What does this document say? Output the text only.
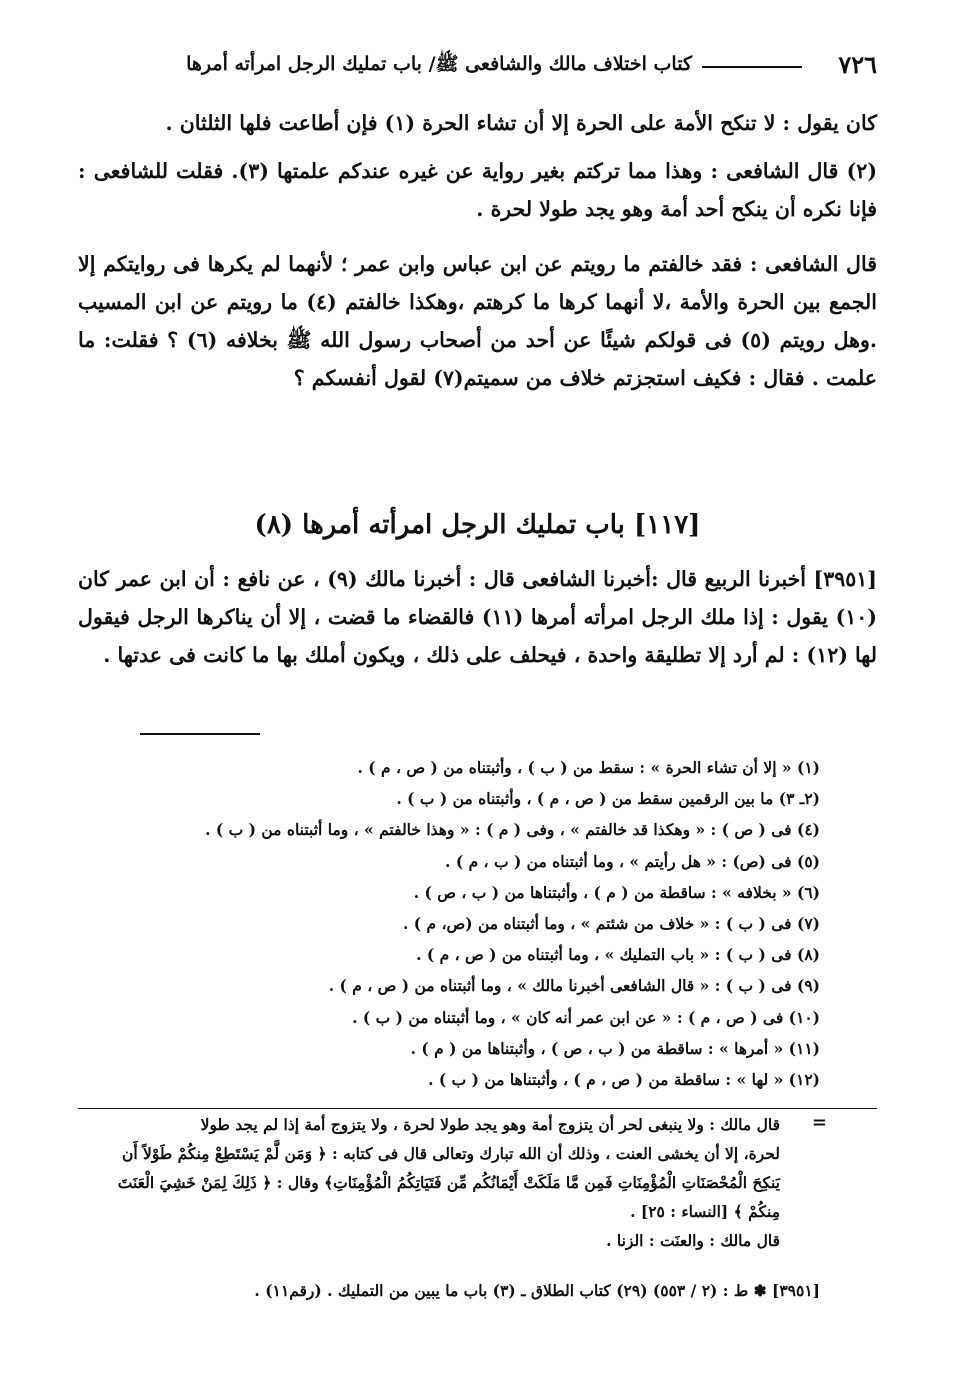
٧٢٦
كتاب اختلاف مالك والشافعى ﷺ/ باب تمليك الرجل امرأته أمرها
كان يقول : لا تنكح الأمة على الحرة إلا أن تشاء الحرة (١) فإن أطاعت فلها الثلثان .
(٢) قال الشافعى : وهذا مما تركتم بغير رواية عن غيره عندكم علمتها (٣). فقلت للشافعى : فإنا نكره أن ينكح أحد أمة وهو يجد طولا لحرة .
قال الشافعى : فقد خالفتم ما رويتم عن ابن عباس وابن عمر ؛ لأنهما لم يكرها فى روايتكم إلا الجمع بين الحرة والأمة ،لا أنهما كرها ما كرهتم ،وهكذا خالفتم (٤) ما رويتم عن ابن المسيب .وهل رويتم (٥) فى قولكم شيئًا عن أحد من أصحاب رسول الله ﷺ بخلافه (٦) ؟ فقلت: ما علمت . فقال : فكيف استجزتم خلاف من سميتم(٧) لقول أنفسكم ؟
[١١٧] باب تمليك الرجل امرأته أمرها (٨)
[٣٩٥١] أخبرنا الربيع قال :أخبرنا الشافعى قال : أخبرنا مالك (٩) ، عن نافع : أن ابن عمر كان (١٠) يقول : إذا ملك الرجل امرأته أمرها (١١) فالقضاء ما قضت ، إلا أن يناكرها الرجل فيقول لها (١٢) : لم أرد إلا تطليقة واحدة ، فيحلف على ذلك ، ويكون أملك بها ما كانت فى عدتها .
(١) « إلا أن تشاء الحرة » : سقط من ( ب ) ، وأثبتناه من ( ص ، م ) .
(٢ـ ٣) ما بين الرقمين سقط من ( ص ، م ) ، وأثبتناه من ( ب ) .
(٤) فى ( ص ) : « وهكذا قد خالفتم » ، وفى ( م ) : « وهذا خالفتم » ، وما أثبتناه من ( ب ) .
(٥) فى (ص) : « هل رأيتم » ، وما أثبتناه من ( ب ، م ) .
(٦) « بخلافه » : ساقطة من ( م ) ، وأثبتناها من ( ب ، ص ) .
(٧) فى ( ب ) : « خلاف من شئتم » ، وما أثبتناه من (ص، م ) .
(٨) فى ( ب ) : « باب التمليك » ، وما أثبتناه من ( ص ، م ) .
(٩) فى ( ب ) : « قال الشافعى أخبرنا مالك » ، وما أثبتناه من ( ص ، م ) .
(١٠) فى ( ص ، م ) : « عن ابن عمر أنه كان » ، وما أثبتناه من ( ب ) .
(١١) « أمرها » : ساقطة من ( ب ، ص ) ، وأثبتناها من ( م ) .
(١٢) « لها » : ساقطة من ( ص ، م ) ، وأثبتناها من ( ب ) .
=
قال مالك : ولا ينبغى لحر أن يتزوج أمة وهو يجد طولا لحرة ، ولا يتزوج أمة إذا لم يجد طولا
لحرة، إلا أن يخشى العنت ، وذلك أن الله تبارك وتعالى قال فى كتابه : ﴿ وَمَن لَّمْ يَسْتَطِعْ مِنكُمْ طَوْلاً أَن
يَنكِحَ الْمُحْصَنَاتِ الْمُؤْمِنَاتِ فَمِن مَّا مَلَكَتْ أَيْمَانُكُم مِّن فَتَيَاتِكُمُ الْمُؤْمِنَاتِ﴾ وقال : ﴿ ذَلِكَ لِمَنْ خَشِيَ الْعَنَتَ
مِنكُمْ ﴾ [النساء : ٢٥] .
قال مالك : والعنَت : الزنا .
[٣٩٥١] ✽ ط : (٢ / ٥٥٣) (٢٩) كتاب الطلاق ـ (٣) باب ما يبين من التمليك . (رقم١١) .
